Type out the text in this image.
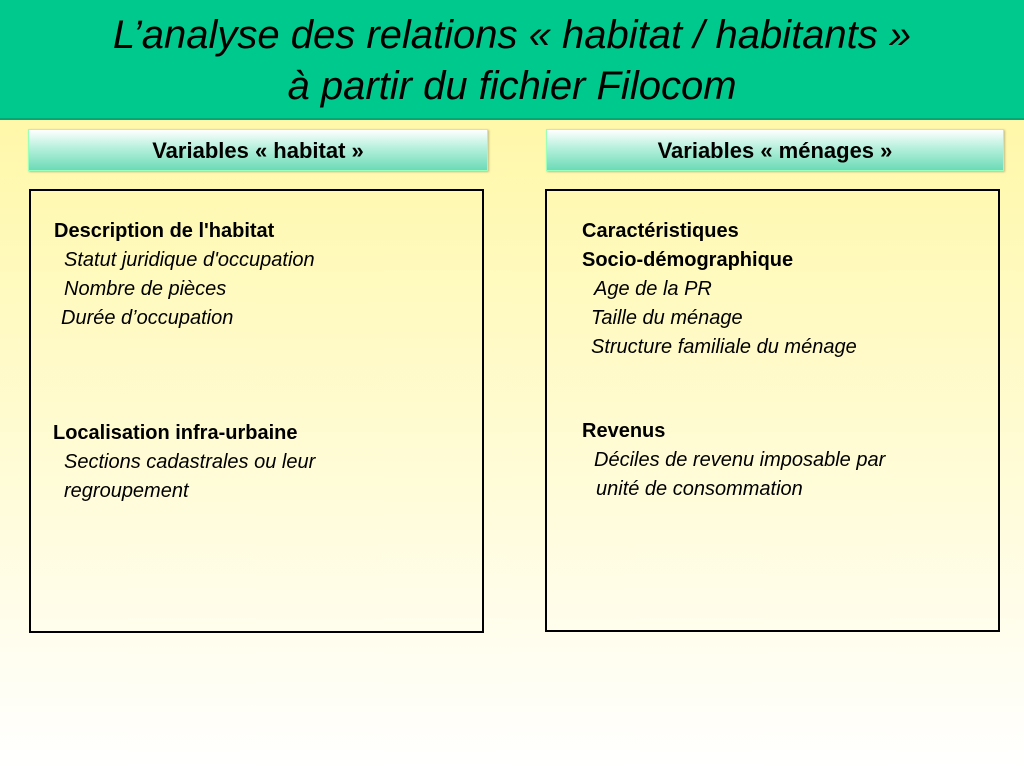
L’analyse des relations « habitat / habitants »
à partir du fichier Filocom
Variables « habitat »	Variables « ménages »
Description de l'habitat
Statut juridique d'occupation
Nombre de pièces
Durée d’occupation
Localisation infra-urbaine
Sections cadastrales ou leur
regroupement
Caractéristiques
Socio-démographique
Age de la PR
Taille du ménage
Structure familiale du ménage
Revenus
Déciles de revenu imposable par
unité de consommation
